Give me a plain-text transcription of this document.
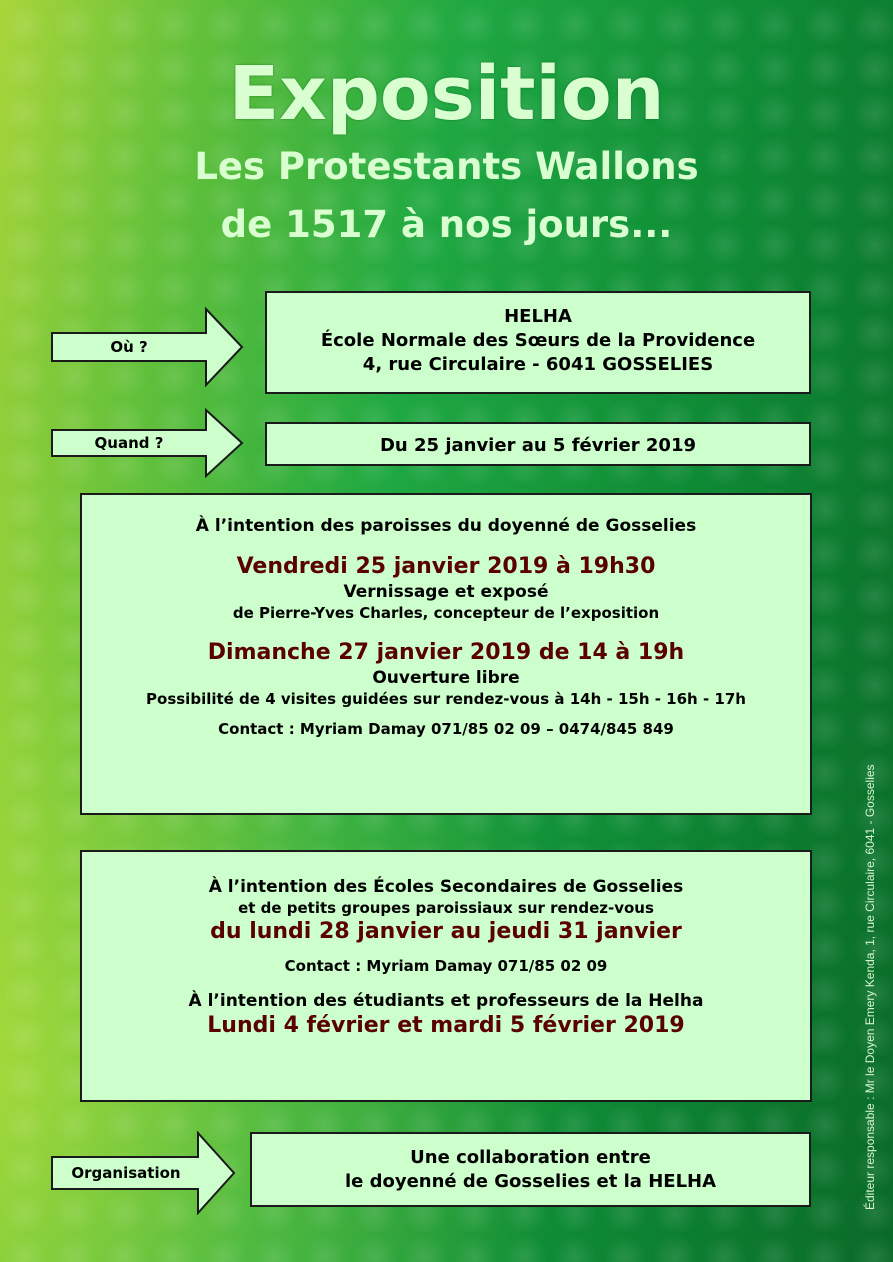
Exposition
Les Protestants Wallons
de 1517 à nos jours...
Où ?
HELHA
École Normale des Sœurs de la Providence
4, rue Circulaire - 6041 GOSSELIES
Quand ?	Du 25 janvier au 5 février 2019
À l’intention des paroisses du doyenné de Gosselies
Vendredi 25 janvier 2019 à 19h30
Vernissage et exposé
de Pierre-Yves Charles, concepteur de l’exposition
Dimanche 27 janvier 2019 de 14 à 19h
Ouverture libre
Possibilité de 4 visites guidées sur rendez-vous à 14h - 15h - 16h - 17h
Contact : Myriam Damay 071/85 02 09 – 0474/845 849
À l’intention des Écoles Secondaires de Gosselies
et de petits groupes paroissiaux sur rendez-vous
du lundi 28 janvier au jeudi 31 janvier
Contact : Myriam Damay 071/85 02 09
À l’intention des étudiants et professeurs de la Helha
Lundi 4 février et mardi 5 février 2019
Organisation
Une collaboration entre
le doyenné de Gosselies et la HELHA	Éditeur responsable : Mr le Doyen Emery Kenda, 1, rue Circulaire, 6041 - Gosselies
